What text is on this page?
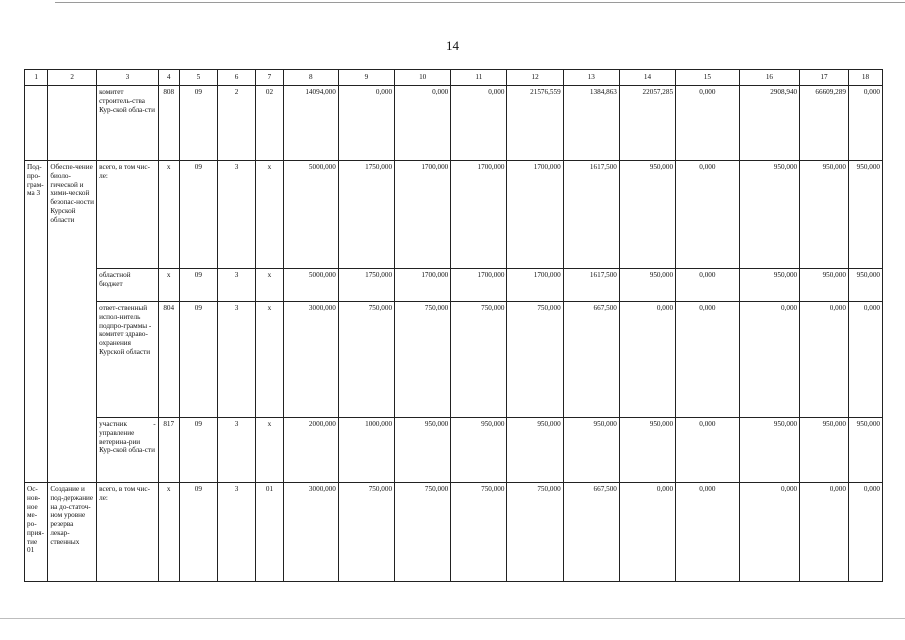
14
1	2	3	4	5	6	7	8	9	10	11	12	13	14	15	16	17	18
		комитет строитель-ства Кур-ской обла-сти	808	09	2	02	14094,000	0,000	0,000	0,000	21576,559	1384,863	22057,285	0,000	2908,940	66609,289	0,000
Под-про-грам-ма 3	Обеспе-чение биоло-гической и хими-ческой безопас-ности Курской области	всего, в том чис-ле:	х	09	3	х	5000,000	1750,000	1700,000	1700,000	1700,000	1617,500	950,000	0,000	950,000	950,000	950,000
		областной бюджет	х	09	3	х	5000,000	1750,000	1700,000	1700,000	1700,000	1617,500	950,000	0,000	950,000	950,000	950,000
		ответ-ственный испол-нитель подпро-граммы - комитет здраво-охранения Курской области	804	09	3	х	3000,000	750,000	750,000	750,000	750,000	667,500	0,000	0,000	0,000	0,000	0,000
		участник - управление ветерина-рии Кур-ской обла-сти	817	09	3	х	2000,000	1000,000	950,000	950,000	950,000	950,000	950,000	0,000	950,000	950,000	950,000
Ос-нов-ное ме-ро-прия-тие 01	Создание и под-держание на до-статоч-ном уровне резерва лекар-ственных	всего, в том чис-ле:	х	09	3	01	3000,000	750,000	750,000	750,000	750,000	667,500	0,000	0,000	0,000	0,000	0,000
